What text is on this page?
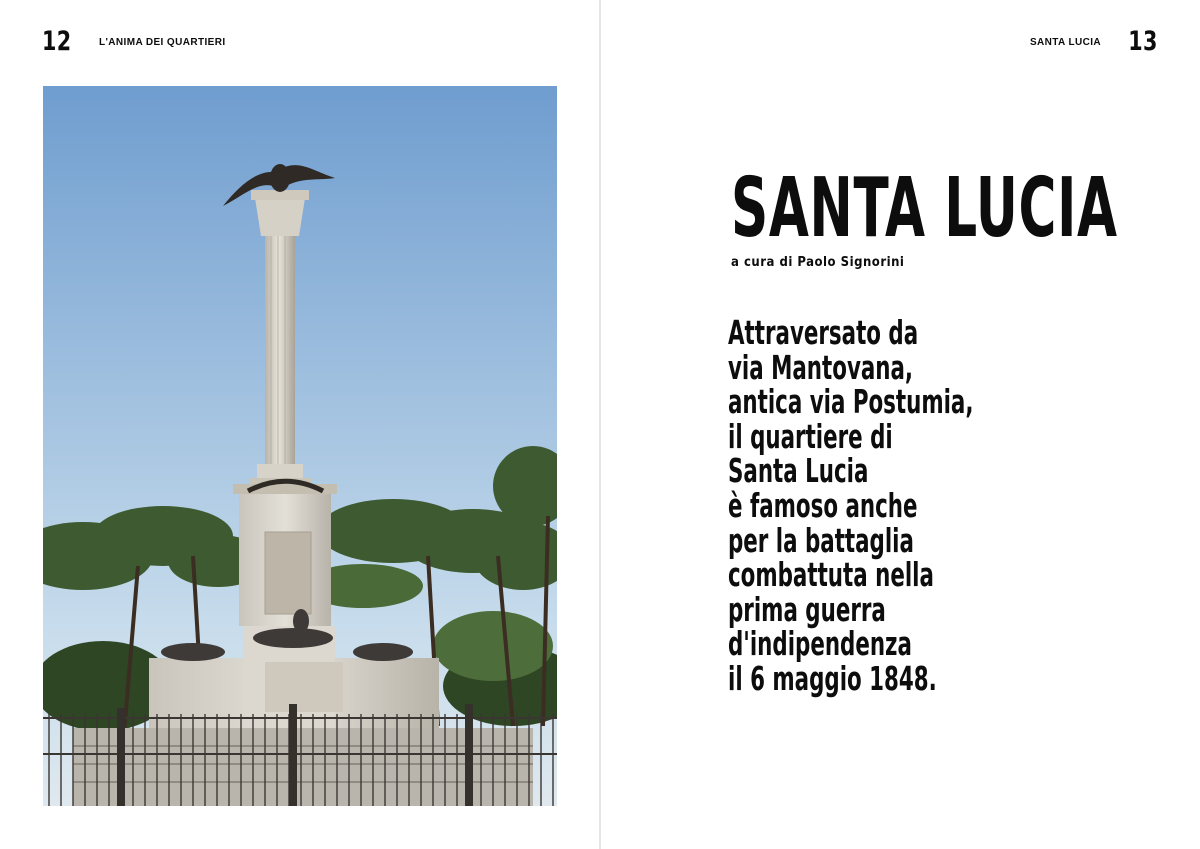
12	L'ANIMA DEI QUARTIERI	SANTA LUCIA 13
SANTA LUCIA
a cura di Paolo Signorini
Attraversato da
via Mantovana,
antica via Postumia,
il quartiere di
Santa Lucia
è famoso anche
per la battaglia
combattuta nella
prima guerra
d'indipendenza
il 6 maggio 1848.
